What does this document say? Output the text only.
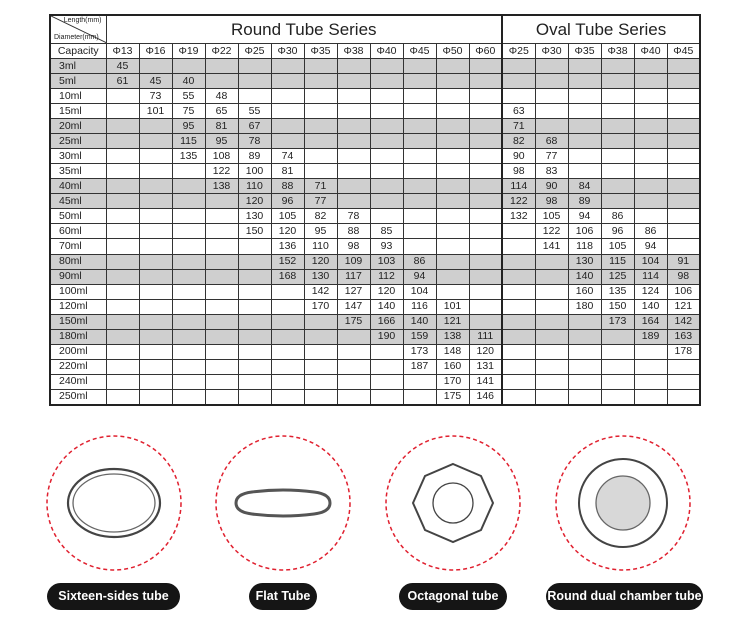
Length(mm)
Diameter(mm)	Round Tube Series												Oval Tube Series					
Capacity	Φ13	Φ16	Φ19	Φ22	Φ25	Φ30	Φ35	Φ38	Φ40	Φ45	Φ50	Φ60	Φ25	Φ30	Φ35	Φ38	Φ40	Φ45
3ml	45																	
5ml	61	45	40															
10ml		73	55	48														
15ml		101	75	65	55								63					
20ml			95	81	67								71					
25ml			115	95	78								82	68				
30ml			135	108	89	74							90	77				
35ml				122	100	81							98	83				
40ml				138	110	88	71						114	90	84			
45ml					120	96	77						122	98	89			
50ml					130	105	82	78					132	105	94	86		
60ml					150	120	95	88	85					122	106	96	86	
70ml						136	110	98	93					141	118	105	94	
80ml						152	120	109	103	86					130	115	104	91
90ml						168	130	117	112	94					140	125	114	98
100ml							142	127	120	104					160	135	124	106
120ml							170	147	140	116	101				180	150	140	121
150ml								175	166	140	121					173	164	142
180ml									190	159	138	111					189	163
200ml										173	148	120						178
220ml										187	160	131						
240ml											170	141						
250ml											175	146						
Sixteen-sides tube	Flat Tube	Octagonal tube	Round dual chamber tube
